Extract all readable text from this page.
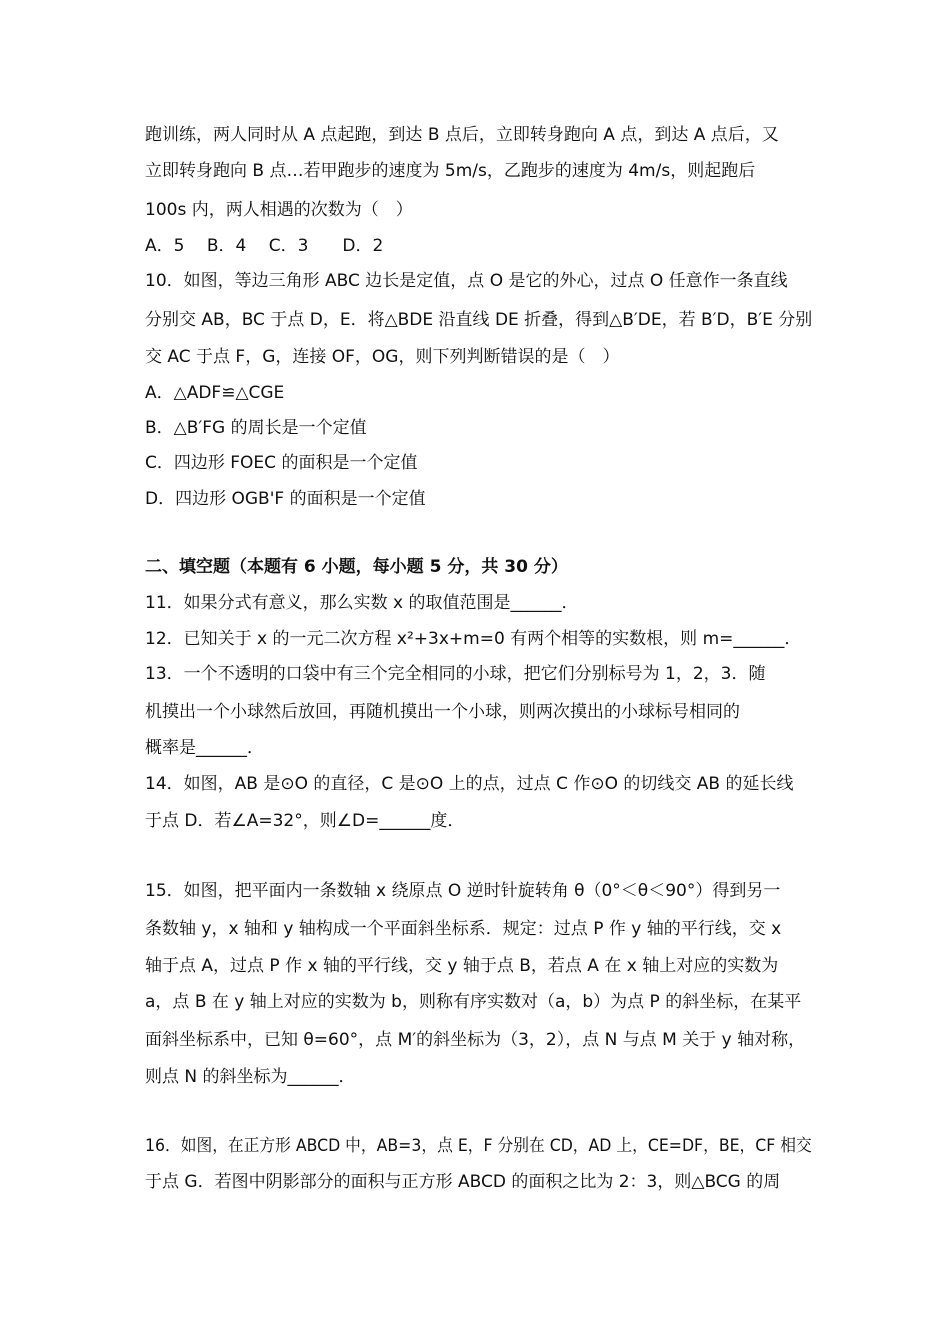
跑训练，两人同时从 A 点起跑，到达 B 点后，立即转身跑向 A 点，到达 A 点后，又
立即转身跑向 B 点…若甲跑步的速度为 5m/s，乙跑步的速度为 4m/s，则起跑后
100s 内，两人相遇的次数为（　）
A．5　 B．4　 C．3　　D．2
10．如图，等边三角形 ABC 边长是定值，点 O 是它的外心，过点 O 任意作一条直线
分别交 AB，BC 于点 D，E．将△BDE 沿直线 DE 折叠，得到△B′DE，若 B′D，B′E 分别
交 AC 于点 F，G，连接 OF，OG，则下列判断错误的是（　）
A．△ADF≌△CGE
B．△B′FG 的周长是一个定值
C．四边形 FOEC 的面积是一个定值
D．四边形 OGB'F 的面积是一个定值
二、填空题（本题有 6 小题，每小题 5 分，共 30 分）
11．如果分式有意义，那么实数 x 的取值范围是______．
12．已知关于 x 的一元二次方程 x²+3x+m=0 有两个相等的实数根，则 m=______．
13．一个不透明的口袋中有三个完全相同的小球，把它们分别标号为 1，2，3．随
机摸出一个小球然后放回，再随机摸出一个小球，则两次摸出的小球标号相同的
概率是______．
14．如图，AB 是⊙O 的直径，C 是⊙O 上的点，过点 C 作⊙O 的切线交 AB 的延长线
于点 D．若∠A=32°，则∠D=______度．
15．如图，把平面内一条数轴 x 绕原点 O 逆时针旋转角 θ（0°＜θ＜90°）得到另一
条数轴 y，x 轴和 y 轴构成一个平面斜坐标系．规定：过点 P 作 y 轴的平行线，交 x
轴于点 A，过点 P 作 x 轴的平行线，交 y 轴于点 B，若点 A 在 x 轴上对应的实数为
a，点 B 在 y 轴上对应的实数为 b，则称有序实数对（a，b）为点 P 的斜坐标，在某平
面斜坐标系中，已知 θ=60°，点 M′的斜坐标为（3，2），点 N 与点 M 关于 y 轴对称，
则点 N 的斜坐标为______．
16．如图，在正方形 ABCD 中，AB=3，点 E，F 分别在 CD，AD 上，CE=DF，BE，CF 相交
于点 G．若图中阴影部分的面积与正方形 ABCD 的面积之比为 2：3，则△BCG 的周
